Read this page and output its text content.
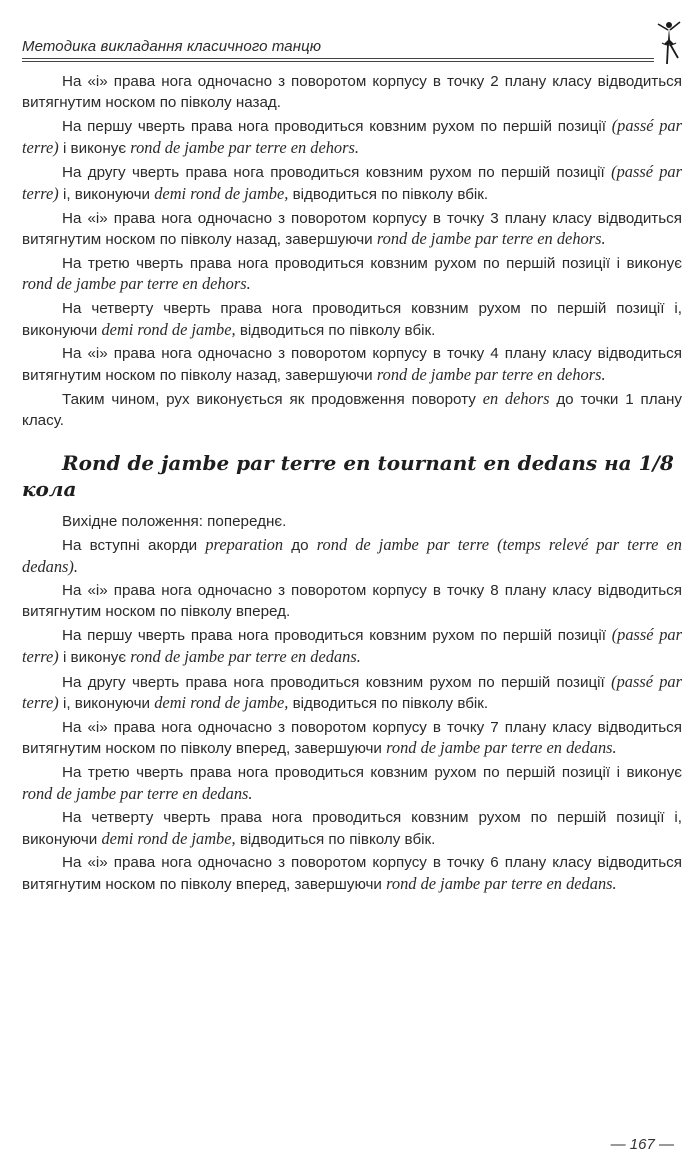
Методика викладання класичного танцю

На «і» права нога одночасно з поворотом корпусу в точку 2 плану класу відводиться витягнутим носком по півколу назад.

На першу чверть права нога проводиться ковзним рухом по першій позиції (passé par terre) і виконує rond de jambe par terre en dehors.

На другу чверть права нога проводиться ковзним рухом по першій позиції (passé par terre) і, виконуючи demi rond de jambe, відводиться по півколу вбік.

На «і» права нога одночасно з поворотом корпусу в точку 3 плану класу відводиться витягнутим носком по півколу назад, завершуючи rond de jambe par terre en dehors.

На третю чверть права нога проводиться ковзним рухом по першій позиції і виконує rond de jambe par terre en dehors.

На четверту чверть права нога проводиться ковзним рухом по першій позиції і, виконуючи demi rond de jambe, відводиться по півколу вбік.

На «і» права нога одночасно з поворотом корпусу в точку 4 плану класу відводиться витягнутим носком по півколу назад, завершуючи rond de jambe par terre en dehors.

Таким чином, рух виконується як продовження повороту en dehors до точки 1 плану класу.

Rond de jambe par terre en tournant en dedans на 1/8 кола

Вихідне положення: попереднє.

На вступні акорди preparation до rond de jambe par terre (temps relevé par terre en dedans).

На «і» права нога одночасно з поворотом корпусу в точку 8 плану класу відводиться витягнутим носком по півколу вперед.

На першу чверть права нога проводиться ковзним рухом по першій позиції (passé par terre) і виконує rond de jambe par terre en dedans.

На другу чверть права нога проводиться ковзним рухом по першій позиції (passé par terre) і, виконуючи demi rond de jambe, відводиться по півколу вбік.

На «і» права нога одночасно з поворотом корпусу в точку 7 плану класу відводиться витягнутим носком по півколу вперед, завершуючи rond de jambe par terre en dedans.

На третю чверть права нога проводиться ковзним рухом по першій позиції і виконує rond de jambe par terre en dedans.

На четверту чверть права нога проводиться ковзним рухом по першій позиції і, виконуючи demi rond de jambe, відводиться по півколу вбік.

На «і» права нога одночасно з поворотом корпусу в точку 6 плану класу відводиться витягнутим носком по півколу вперед, завершуючи rond de jambe par terre en dedans.

— 167 —
